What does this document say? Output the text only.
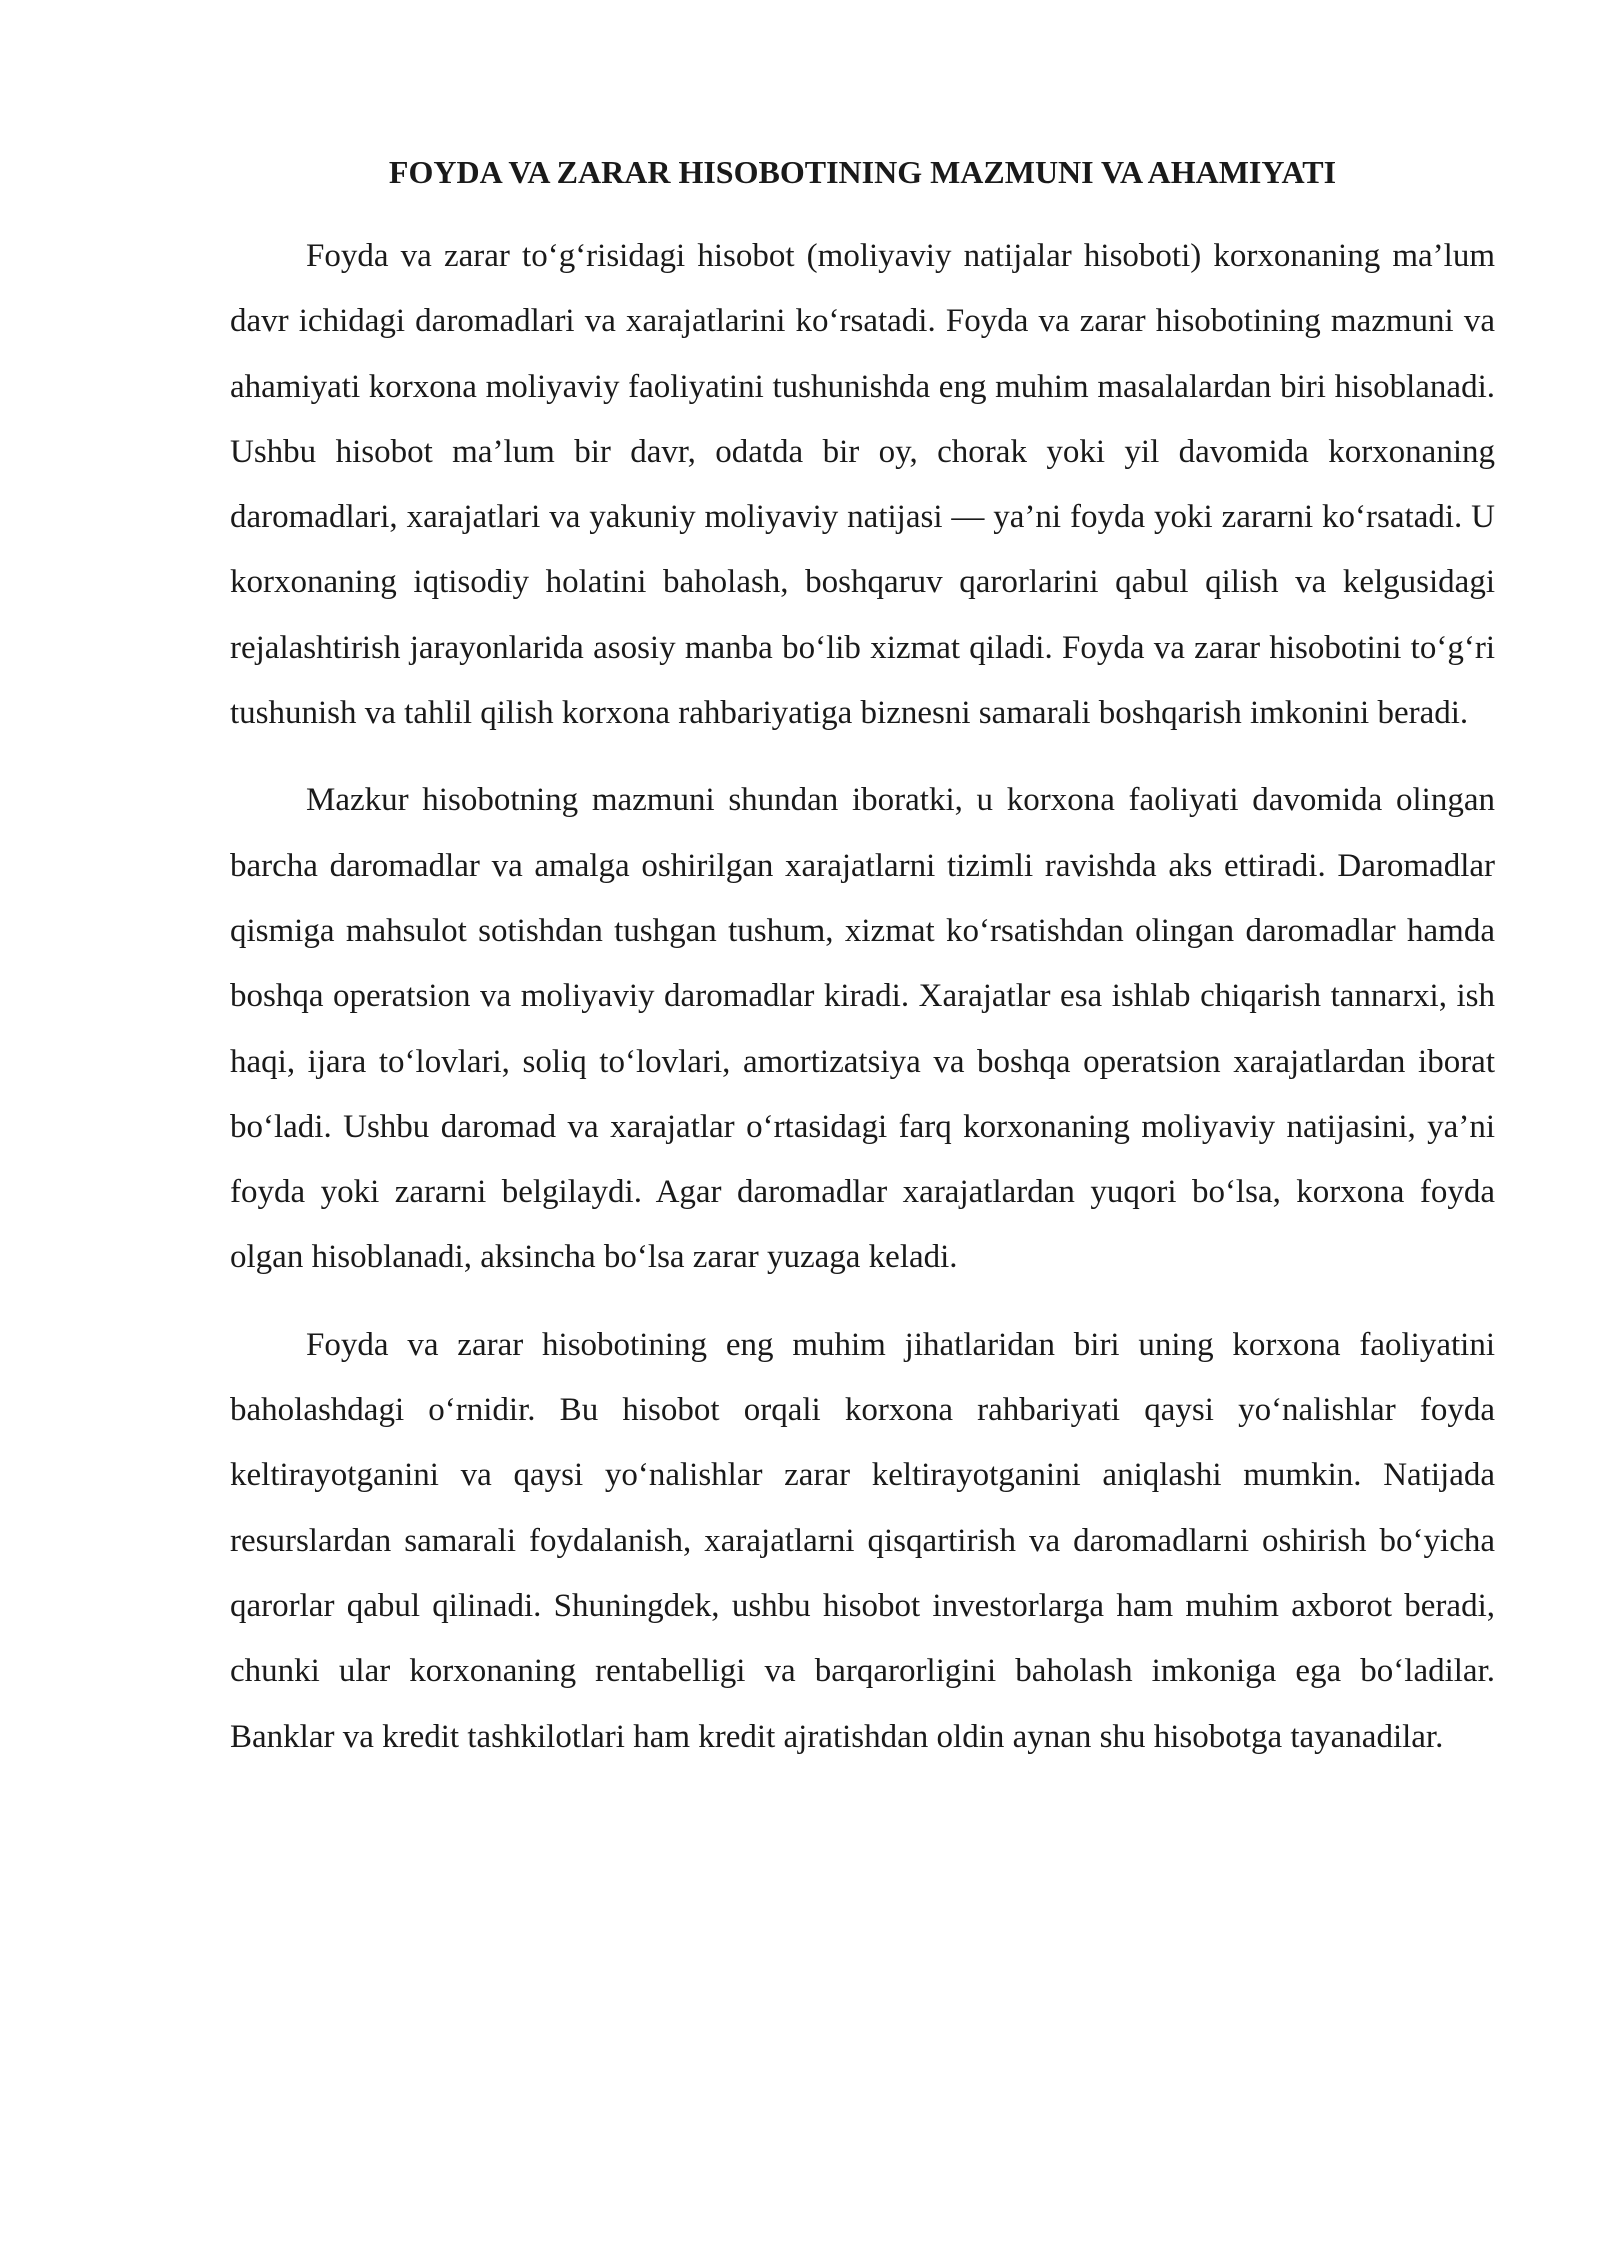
FOYDA VA ZARAR HISOBOTINING MAZMUNI VA AHAMIYATI

Foyda va zarar to‘g‘risidagi hisobot (moliyaviy natijalar hisoboti) korxonaning ma’lum davr ichidagi daromadlari va xarajatlarini ko‘rsatadi. Foyda va zarar hisobotining mazmuni va ahamiyati korxona moliyaviy faoliyatini tushunishda eng muhim masalalardan biri hisoblanadi. Ushbu hisobot ma’lum bir davr, odatda bir oy, chorak yoki yil davomida korxonaning daromadlari, xarajatlari va yakuniy moliyaviy natijasi — ya’ni foyda yoki zararni ko‘rsatadi. U korxonaning iqtisodiy holatini baholash, boshqaruv qarorlarini qabul qilish va kelgusidagi rejalashtirish jarayonlarida asosiy manba bo‘lib xizmat qiladi. Foyda va zarar hisobotini to‘g‘ri tushunish va tahlil qilish korxona rahbariyatiga biznesni samarali boshqarish imkonini beradi.

Mazkur hisobotning mazmuni shundan iboratki, u korxona faoliyati davomida olingan barcha daromadlar va amalga oshirilgan xarajatlarni tizimli ravishda aks ettiradi. Daromadlar qismiga mahsulot sotishdan tushgan tushum, xizmat ko‘rsatishdan olingan daromadlar hamda boshqa operatsion va moliyaviy daromadlar kiradi. Xarajatlar esa ishlab chiqarish tannarxi, ish haqi, ijara to‘lovlari, soliq to‘lovlari, amortizatsiya va boshqa operatsion xarajatlardan iborat bo‘ladi. Ushbu daromad va xarajatlar o‘rtasidagi farq korxonaning moliyaviy natijasini, ya’ni foyda yoki zararni belgilaydi. Agar daromadlar xarajatlardan yuqori bo‘lsa, korxona foyda olgan hisoblanadi, aksincha bo‘lsa zarar yuzaga keladi.

Foyda va zarar hisobotining eng muhim jihatlaridan biri uning korxona faoliyatini baholashdagi o‘rnidir. Bu hisobot orqali korxona rahbariyati qaysi yo‘nalishlar foyda keltirayotganini va qaysi yo‘nalishlar zarar keltirayotganini aniqlashi mumkin. Natijada resurslardan samarali foydalanish, xarajatlarni qisqartirish va daromadlarni oshirish bo‘yicha qarorlar qabul qilinadi. Shuningdek, ushbu hisobot investorlarga ham muhim axborot beradi, chunki ular korxonaning rentabelligi va barqarorligini baholash imkoniga ega bo‘ladilar. Banklar va kredit tashkilotlari ham kredit ajratishdan oldin aynan shu hisobotga tayanadilar.
